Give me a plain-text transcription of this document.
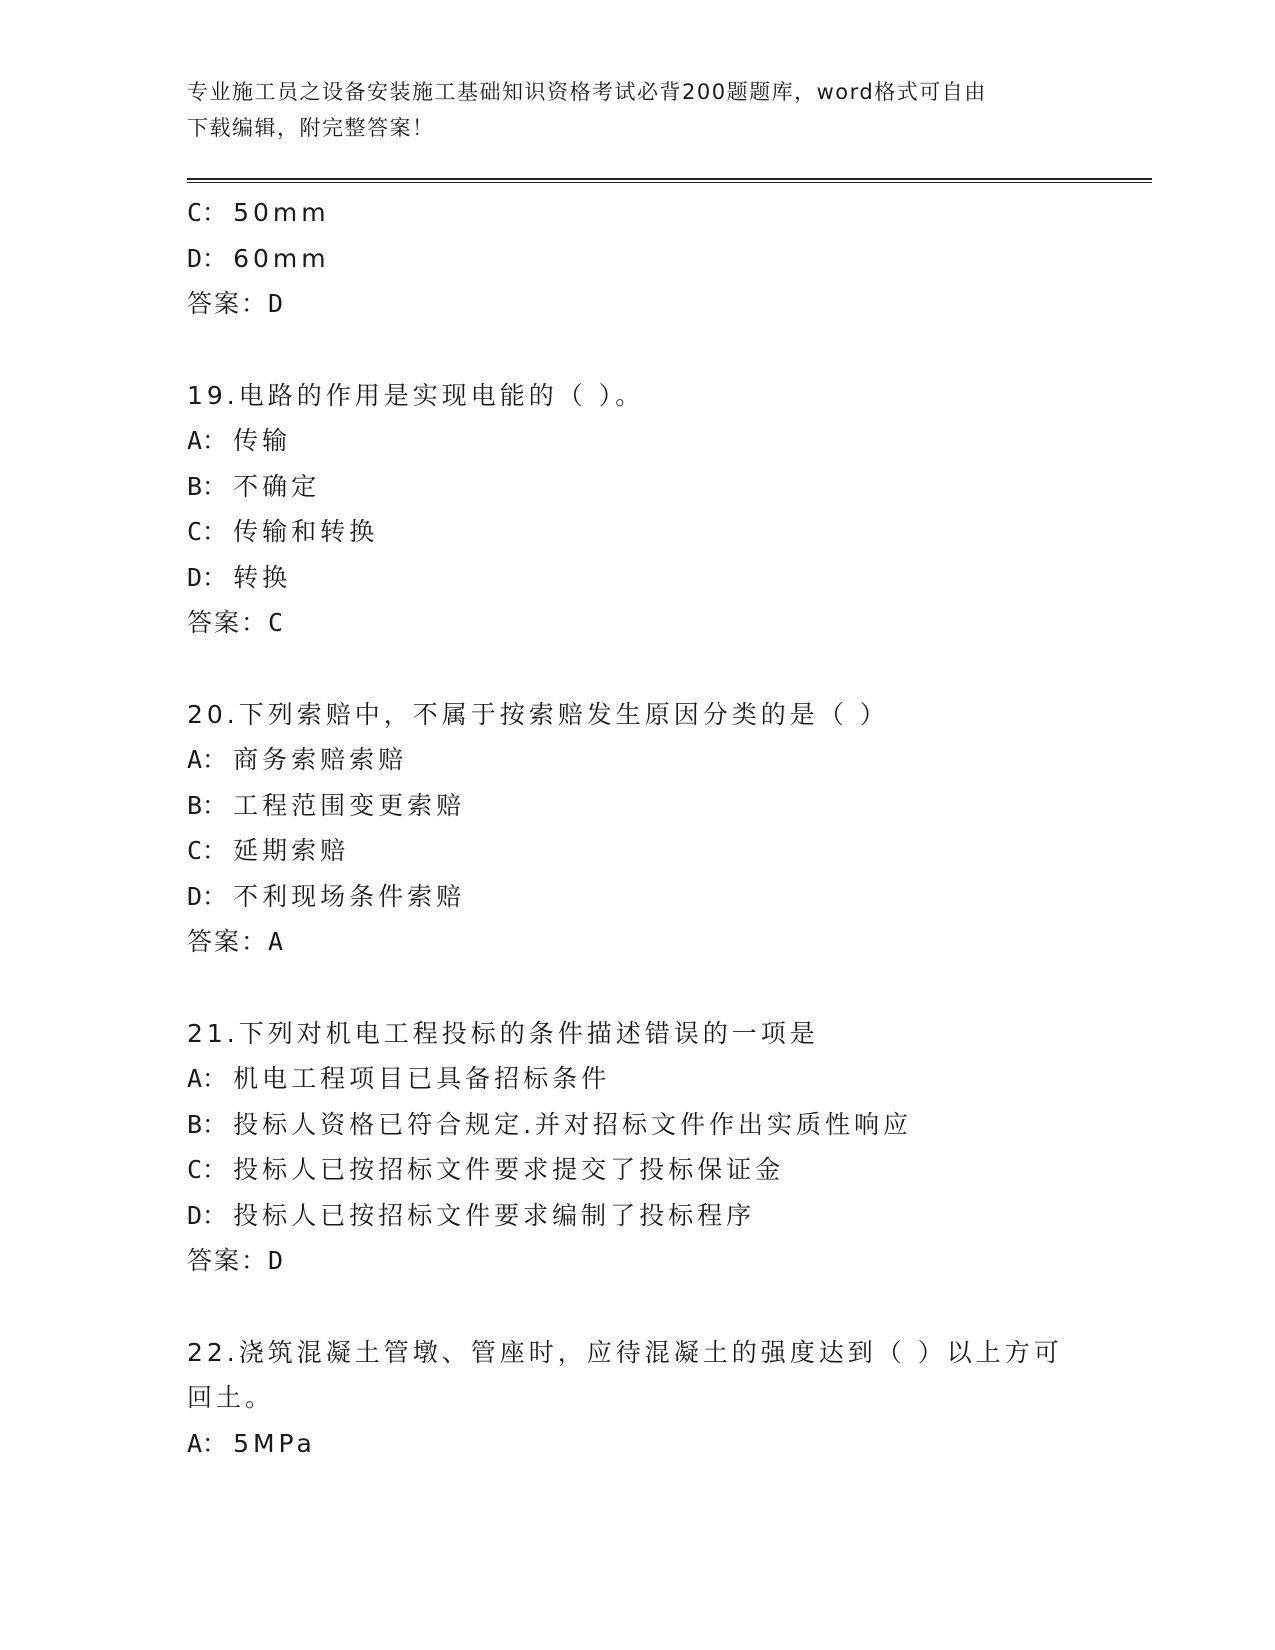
专业施工员之设备安装施工基础知识资格考试必背200题题库，word格式可自由
下载编辑，附完整答案！
C： 50mm
D： 60mm
答案：D
19.电路的作用是实现电能的（ ）。
A： 传输
B： 不确定
C： 传输和转换
D： 转换
答案：C
20.下列索赔中，不属于按索赔发生原因分类的是（ ）
A： 商务索赔索赔
B： 工程范围变更索赔
C： 延期索赔
D： 不利现场条件索赔
答案：A
21.下列对机电工程投标的条件描述错误的一项是
A： 机电工程项目已具备招标条件
B： 投标人资格已符合规定.并对招标文件作出实质性响应
C： 投标人已按招标文件要求提交了投标保证金
D： 投标人已按招标文件要求编制了投标程序
答案：D
22.浇筑混凝土管墩、管座时，应待混凝土的强度达到（ ）以上方可
回土。
A： 5MPa
